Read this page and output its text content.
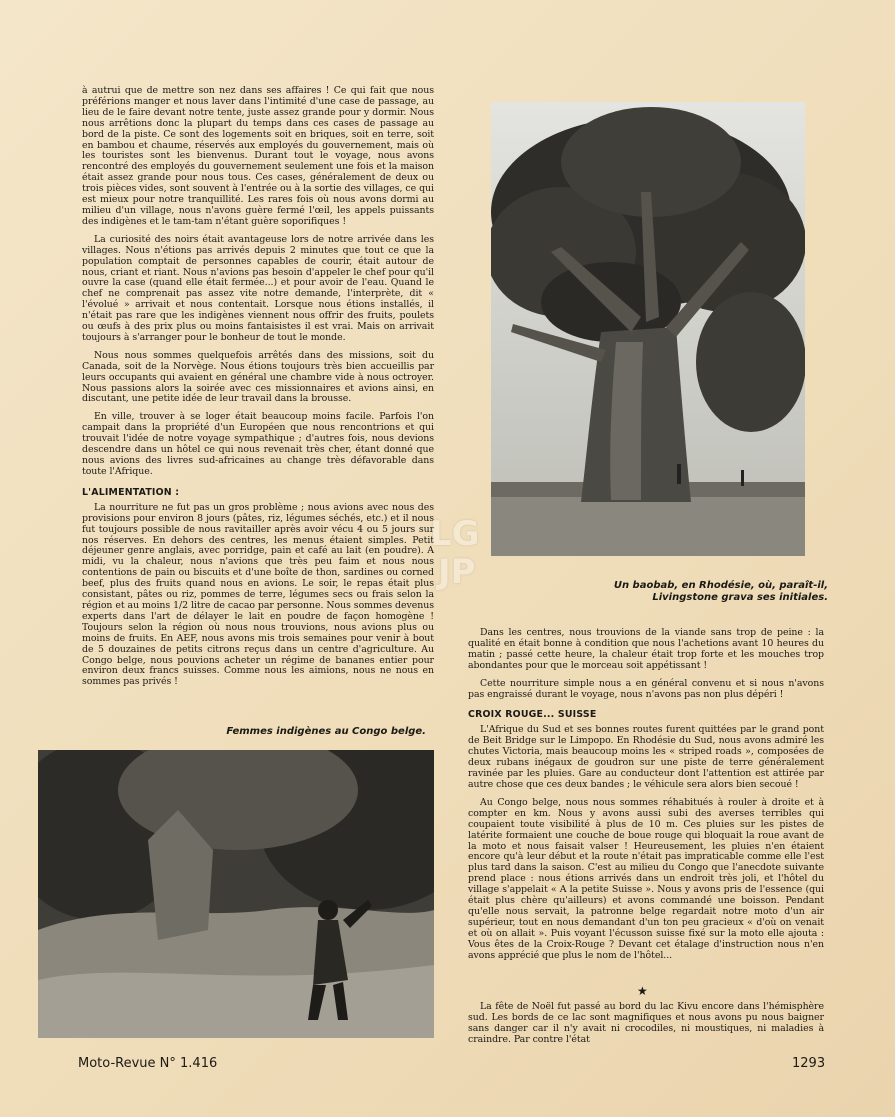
à autrui que de mettre son nez dans ses affaires ! Ce qui fait que nous préférions manger et nous laver dans l'intimité d'une case de passage, au lieu de le faire devant notre tente, juste assez grande pour y dormir. Nous nous arrêtions donc la plupart du temps dans ces cases de passage au bord de la piste. Ce sont des logements soit en briques, soit en terre, soit en bambou et chaume, réservés aux employés du gouvernement, mais où les touristes sont les bienvenus. Durant tout le voyage, nous avons rencontré des employés du gouvernement seulement une fois et la maison était assez grande pour nous tous. Ces cases, généralement de deux ou trois pièces vides, sont souvent à l'entrée ou à la sortie des villages, ce qui est mieux pour notre tranquillité. Les rares fois où nous avons dormi au milieu d'un village, nous n'avons guère fermé l'œil, les appels puissants des indigènes et le tam-tam n'étant guère soporifiques !

La curiosité des noirs était avantageuse lors de notre arrivée dans les villages. Nous n'étions pas arrivés depuis 2 minutes que tout ce que la population comptait de personnes capables de courir, était autour de nous, criant et riant. Nous n'avions pas besoin d'appeler le chef pour qu'il ouvre la case (quand elle était fermée...) et pour avoir de l'eau. Quand le chef ne comprenait pas assez vite notre demande, l'interprète, dit « l'évolué » arrivait et nous contentait. Lorsque nous étions installés, il n'était pas rare que les indigènes viennent nous offrir des fruits, poulets ou œufs à des prix plus ou moins fantaisistes il est vrai. Mais on arrivait toujours à s'arranger pour le bonheur de tout le monde.

Nous nous sommes quelquefois arrêtés dans des missions, soit du Canada, soit de la Norvège. Nous étions toujours très bien accueillis par leurs occupants qui avaient en général une chambre vide à nous octroyer. Nous passions alors la soirée avec ces missionnaires et avions ainsi, en discutant, une petite idée de leur travail dans la brousse.

En ville, trouver à se loger était beaucoup moins facile. Parfois l'on campait dans la propriété d'un Européen que nous rencontrions et qui trouvait l'idée de notre voyage sympathique ; d'autres fois, nous devions descendre dans un hôtel ce qui nous revenait très cher, étant donné que nous avions des livres sud-africaines au change très défavorable dans toute l'Afrique.

L'ALIMENTATION :

La nourriture ne fut pas un gros problème ; nous avions avec nous des provisions pour environ 8 jours (pâtes, riz, légumes séchés, etc.) et il nous fut toujours possible de nous ravitailler après avoir vécu 4 ou 5 jours sur nos réserves. En dehors des centres, les menus étaient simples. Petit déjeuner genre anglais, avec porridge, pain et café au lait (en poudre). A midi, vu la chaleur, nous n'avions que très peu faim et nous nous contentions de pain ou biscuits et d'une boîte de thon, sardines ou corned beef, plus des fruits quand nous en avions. Le soir, le repas était plus consistant, pâtes ou riz, pommes de terre, légumes secs ou frais selon la région et au moins 1/2 litre de cacao par personne. Nous sommes devenus experts dans l'art de délayer le lait en poudre de façon homogène ! Toujours selon la région où nous nous trouvions, nous avions plus ou moins de fruits. En AEF, nous avons mis trois semaines pour venir à bout de 5 douzaines de petits citrons reçus dans un centre d'agriculture. Au Congo belge, nous pouvions acheter un régime de bananes entier pour environ deux francs suisses. Comme nous les aimions, nous ne nous en sommes pas privés !

Un baobab, en Rhodésie, où, paraît-il,
Livingstone grava ses initiales.
LG
JP
Femmes indigènes au Congo belge.

Dans les centres, nous trouvions de la viande sans trop de peine : la qualité en était bonne à condition que nous l'achetions avant 10 heures du matin ; passé cette heure, la chaleur était trop forte et les mouches trop abondantes pour que le morceau soit appétissant !

Cette nourriture simple nous a en général convenu et si nous n'avons pas engraissé durant le voyage, nous n'avons pas non plus dépéri !

CROIX ROUGE... SUISSE

L'Afrique du Sud et ses bonnes routes furent quittées par le grand pont de Beit Bridge sur le Limpopo. En Rhodésie du Sud, nous avons admiré les chutes Victoria, mais beaucoup moins les « striped roads », composées de deux rubans inégaux de goudron sur une piste de terre généralement ravinée par les pluies. Gare au conducteur dont l'attention est attirée par autre chose que ces deux bandes ; le véhicule sera alors bien secoué !

Au Congo belge, nous nous sommes réhabitués à rouler à droite et à compter en km. Nous y avons aussi subi des averses terribles qui coupaient toute visibilité à plus de 10 m. Ces pluies sur les pistes de latérite formaient une couche de boue rouge qui bloquait la roue avant de la moto et nous faisait valser ! Heureusement, les pluies n'en étaient encore qu'à leur début et la route n'était pas impraticable comme elle l'est plus tard dans la saison. C'est au milieu du Congo que l'anecdote suivante prend place : nous étions arrivés dans un endroit très joli, et l'hôtel du village s'appelait « A la petite Suisse ». Nous y avons pris de l'essence (qui était plus chère qu'ailleurs) et avons commandé une boisson. Pendant qu'elle nous servait, la patronne belge regardait notre moto d'un air supérieur, tout en nous demandant d'un ton peu gracieux « d'où on venait et où on allait ». Puis voyant l'écusson suisse fixé sur la moto elle ajouta : Vous êtes de la Croix-Rouge ? Devant cet étalage d'instruction nous n'en avons apprécié que plus le nom de l'hôtel...

★

La fête de Noël fut passé au bord du lac Kivu encore dans l'hémisphère sud. Les bords de ce lac sont magnifiques et nous avons pu nous baigner sans danger car il n'y avait ni crocodiles, ni moustiques, ni maladies à craindre. Par contre l'état

Moto-Revue N° 1.416	1293
